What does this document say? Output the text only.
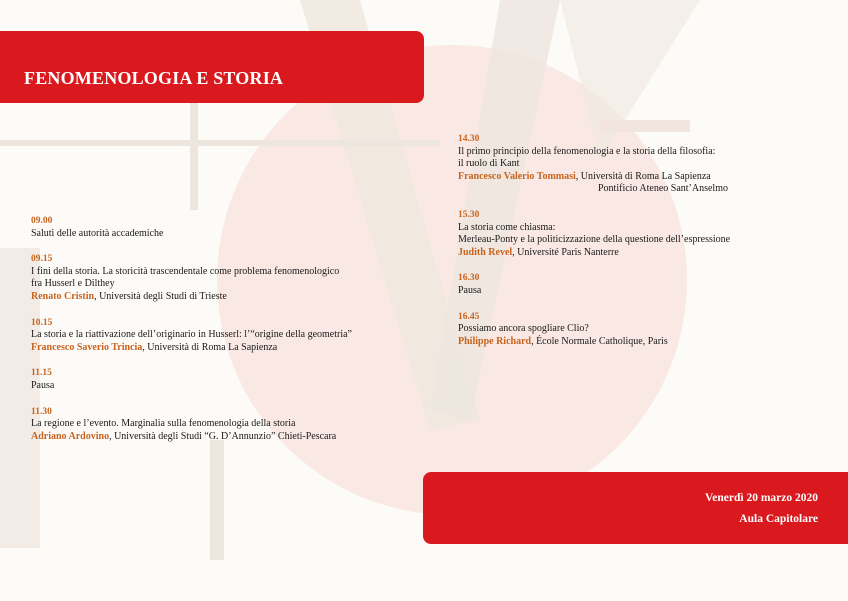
FENOMENOLOGIA E STORIA
09.00
Saluti delle autorità accademiche
09.15
I fini della storia. La storicità trascendentale come problema fenomenologico
fra Husserl e Dilthey
Renato Cristin, Università degli Studi di Trieste
10.15
La storia e la riattivazione dell’originario in Husserl: l’“origine della geometria”
Francesco Saverio Trincia, Università di Roma La Sapienza
11.15
Pausa
11.30
La regione e l’evento. Marginalia sulla fenomenologia della storia
Adriano Ardovino, Università degli Studi “G. D’Annunzio” Chieti-Pescara
14.30
Il primo principio della fenomenologia e la storia della filosofia:
il ruolo di Kant
Francesco Valerio Tommasi, Università di Roma La Sapienza
Pontificio Ateneo Sant’Anselmo
15.30
La storia come chiasma:
Merleau-Ponty e la politicizzazione della questione dell’espressione
Judith Revel, Université Paris Nanterre
16.30
Pausa
16.45
Possiamo ancora spogliare Clio?
Philippe Richard, École Normale Catholique, Paris
Venerdì 20 marzo 2020
Aula Capitolare
